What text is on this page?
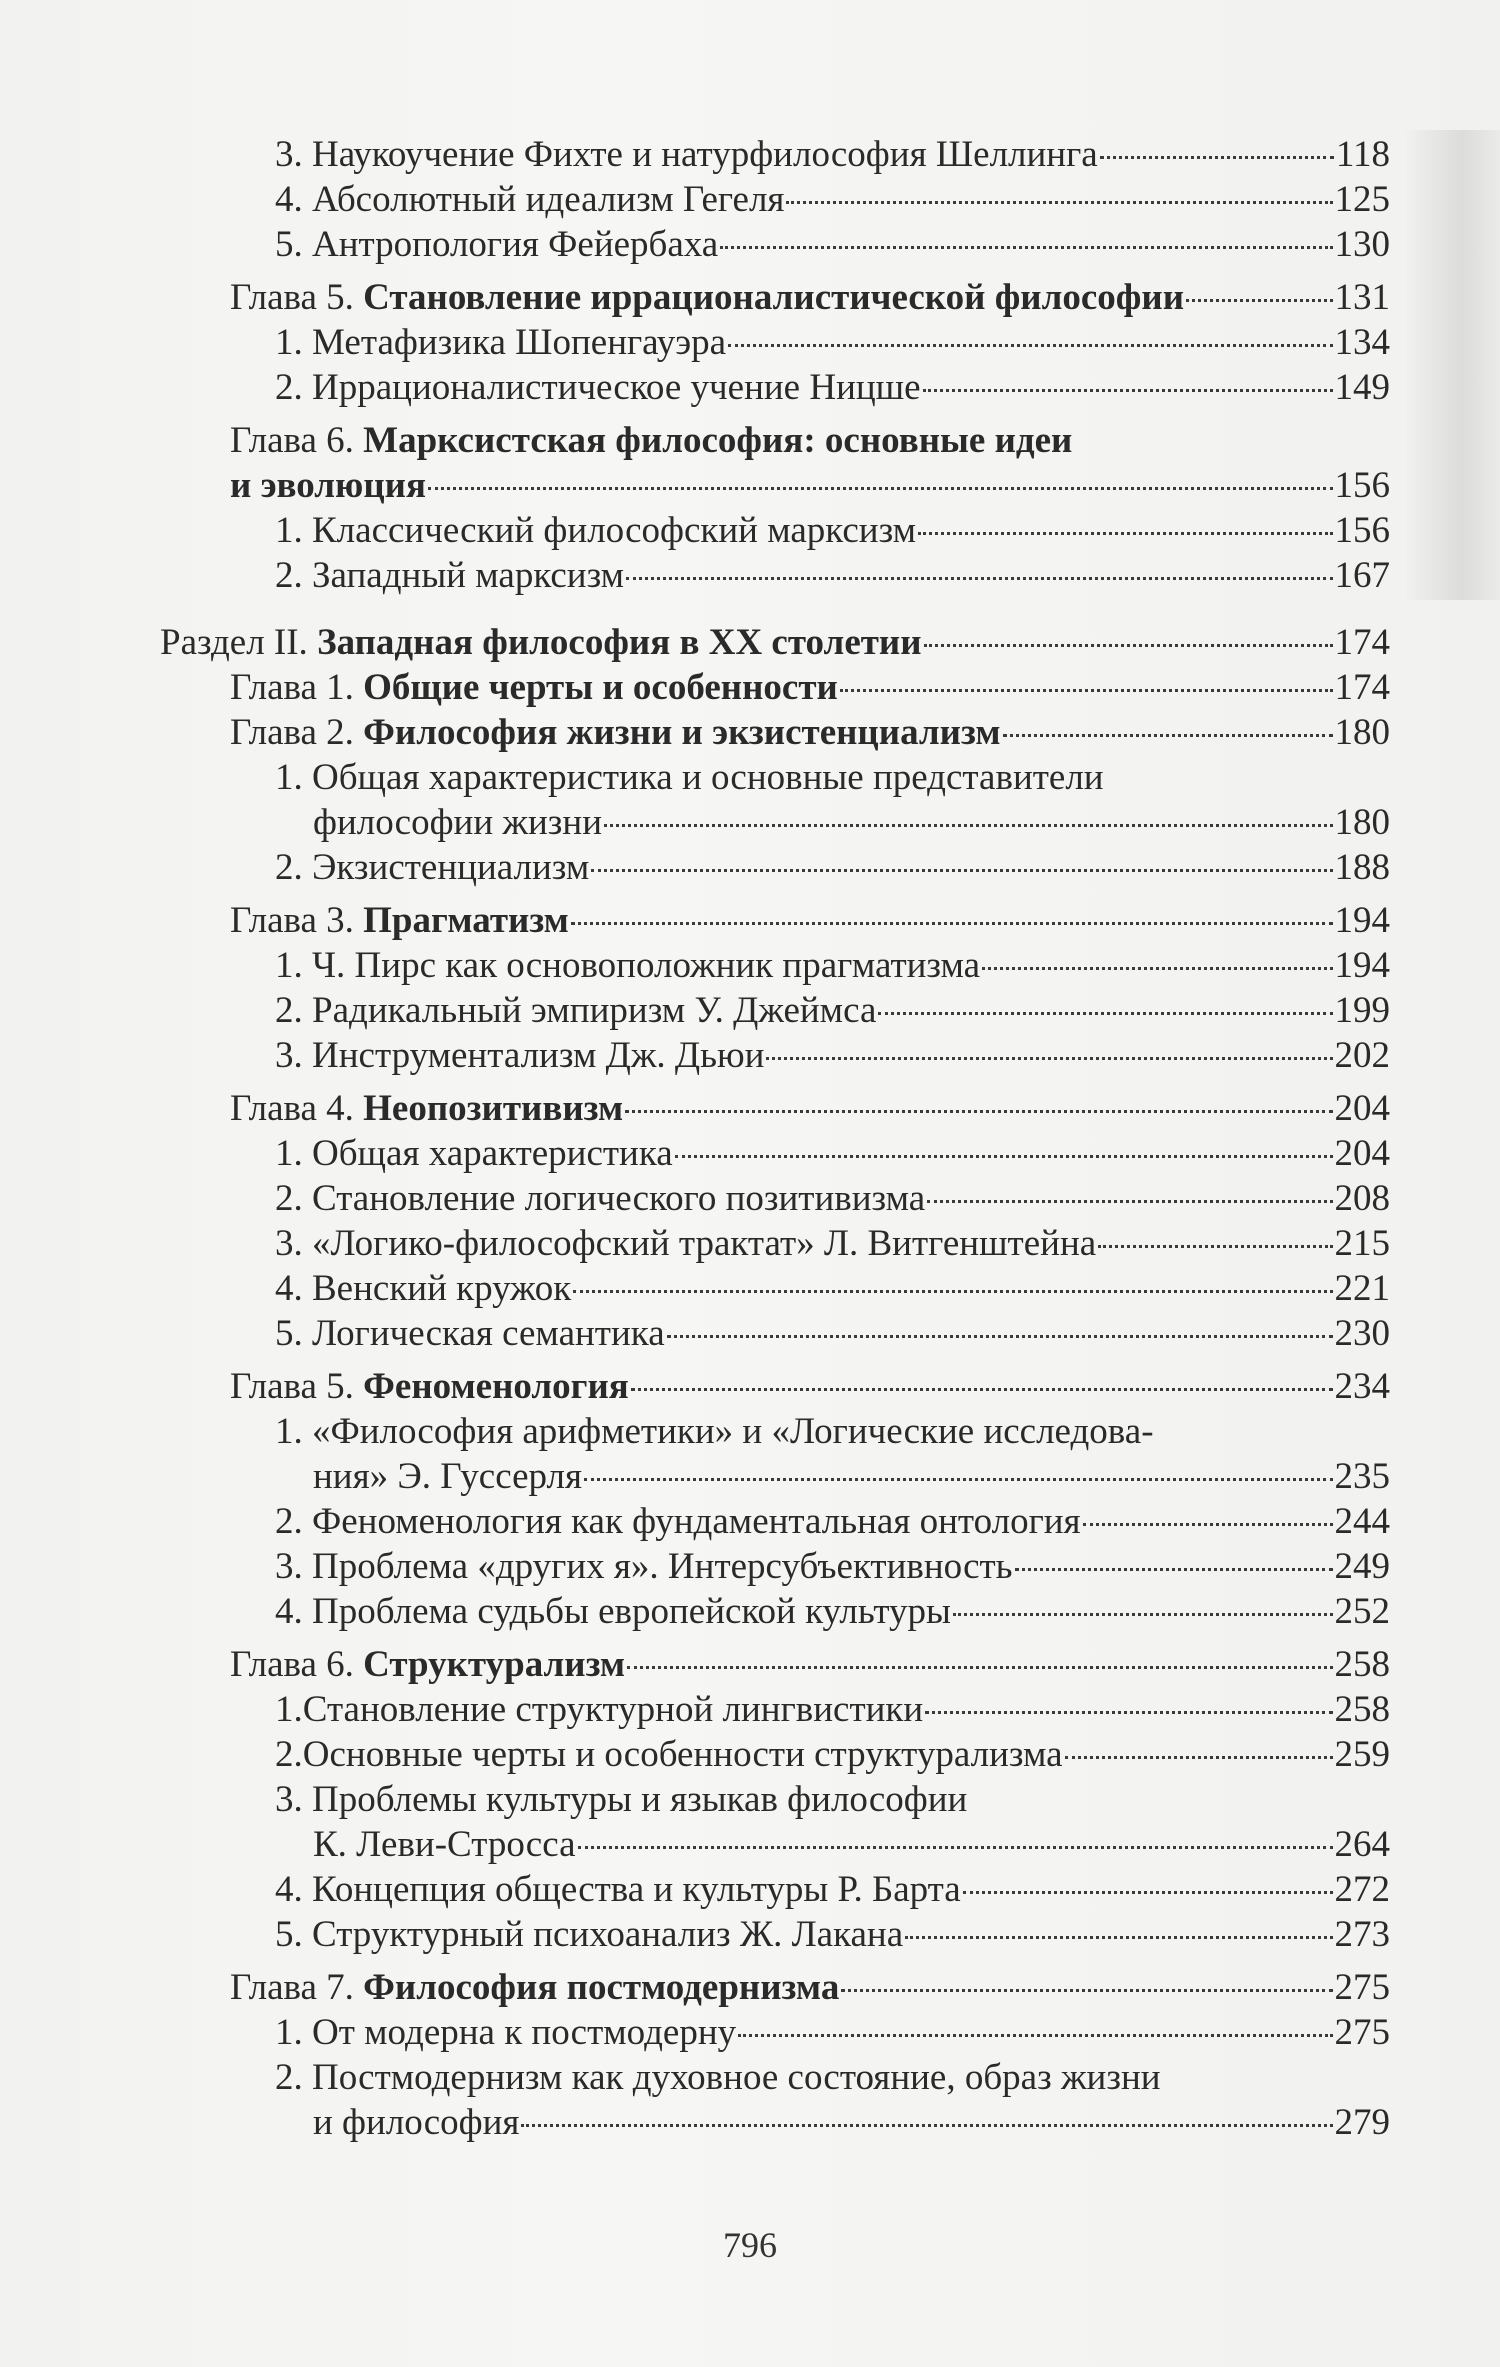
3. Наукоучение Фихте и натурфилософия Шеллинга	118
4. Абсолютный идеализм Гегеля	125
5. Антропология Фейербаха	130
Глава 5. Становление иррационалистической философии	131
1. Метафизика Шопенгауэра	134
2. Иррационалистическое учение Ницше	149
Глава 6. Марксистская философия: основные идеи
и эволюция	156
1. Классический философский марксизм	156
2. Западный марксизм	167
Раздел II. Западная философия в XX столетии	174
Глава 1. Общие черты и особенности	174
Глава 2. Философия жизни и экзистенциализм	180
1. Общая характеристика и основные представители
философии жизни	180
2. Экзистенциализм	188
Глава 3. Прагматизм	194
1. Ч. Пирс как основоположник прагматизма	194
2. Радикальный эмпиризм У. Джеймса	199
3. Инструментализм Дж. Дьюи	202
Глава 4. Неопозитивизм	204
1. Общая характеристика	204
2. Становление логического позитивизма	208
3. «Логико-философский трактат» Л. Витгенштейна	215
4. Венский кружок	221
5. Логическая семантика	230
Глава 5. Феноменология	234
1. «Философия арифметики» и «Логические исследова-
ния» Э. Гуссерля	235
2. Феноменология как фундаментальная онтология	244
3. Проблема «других я». Интерсубъективность	249
4. Проблема судьбы европейской культуры	252
Глава 6. Структурализм	258
1.Становление структурной лингвистики	258
2.Основные черты и особенности структурализма	259
3. Проблемы культуры и языкав философии
К. Леви-Стросса	264
4. Концепция общества и культуры Р. Барта	272
5. Структурный психоанализ Ж. Лакана	273
Глава 7. Философия постмодернизма	275
1. От модерна к постмодерну	275
2. Постмодернизм как духовное состояние, образ жизни
и философия	279
796
